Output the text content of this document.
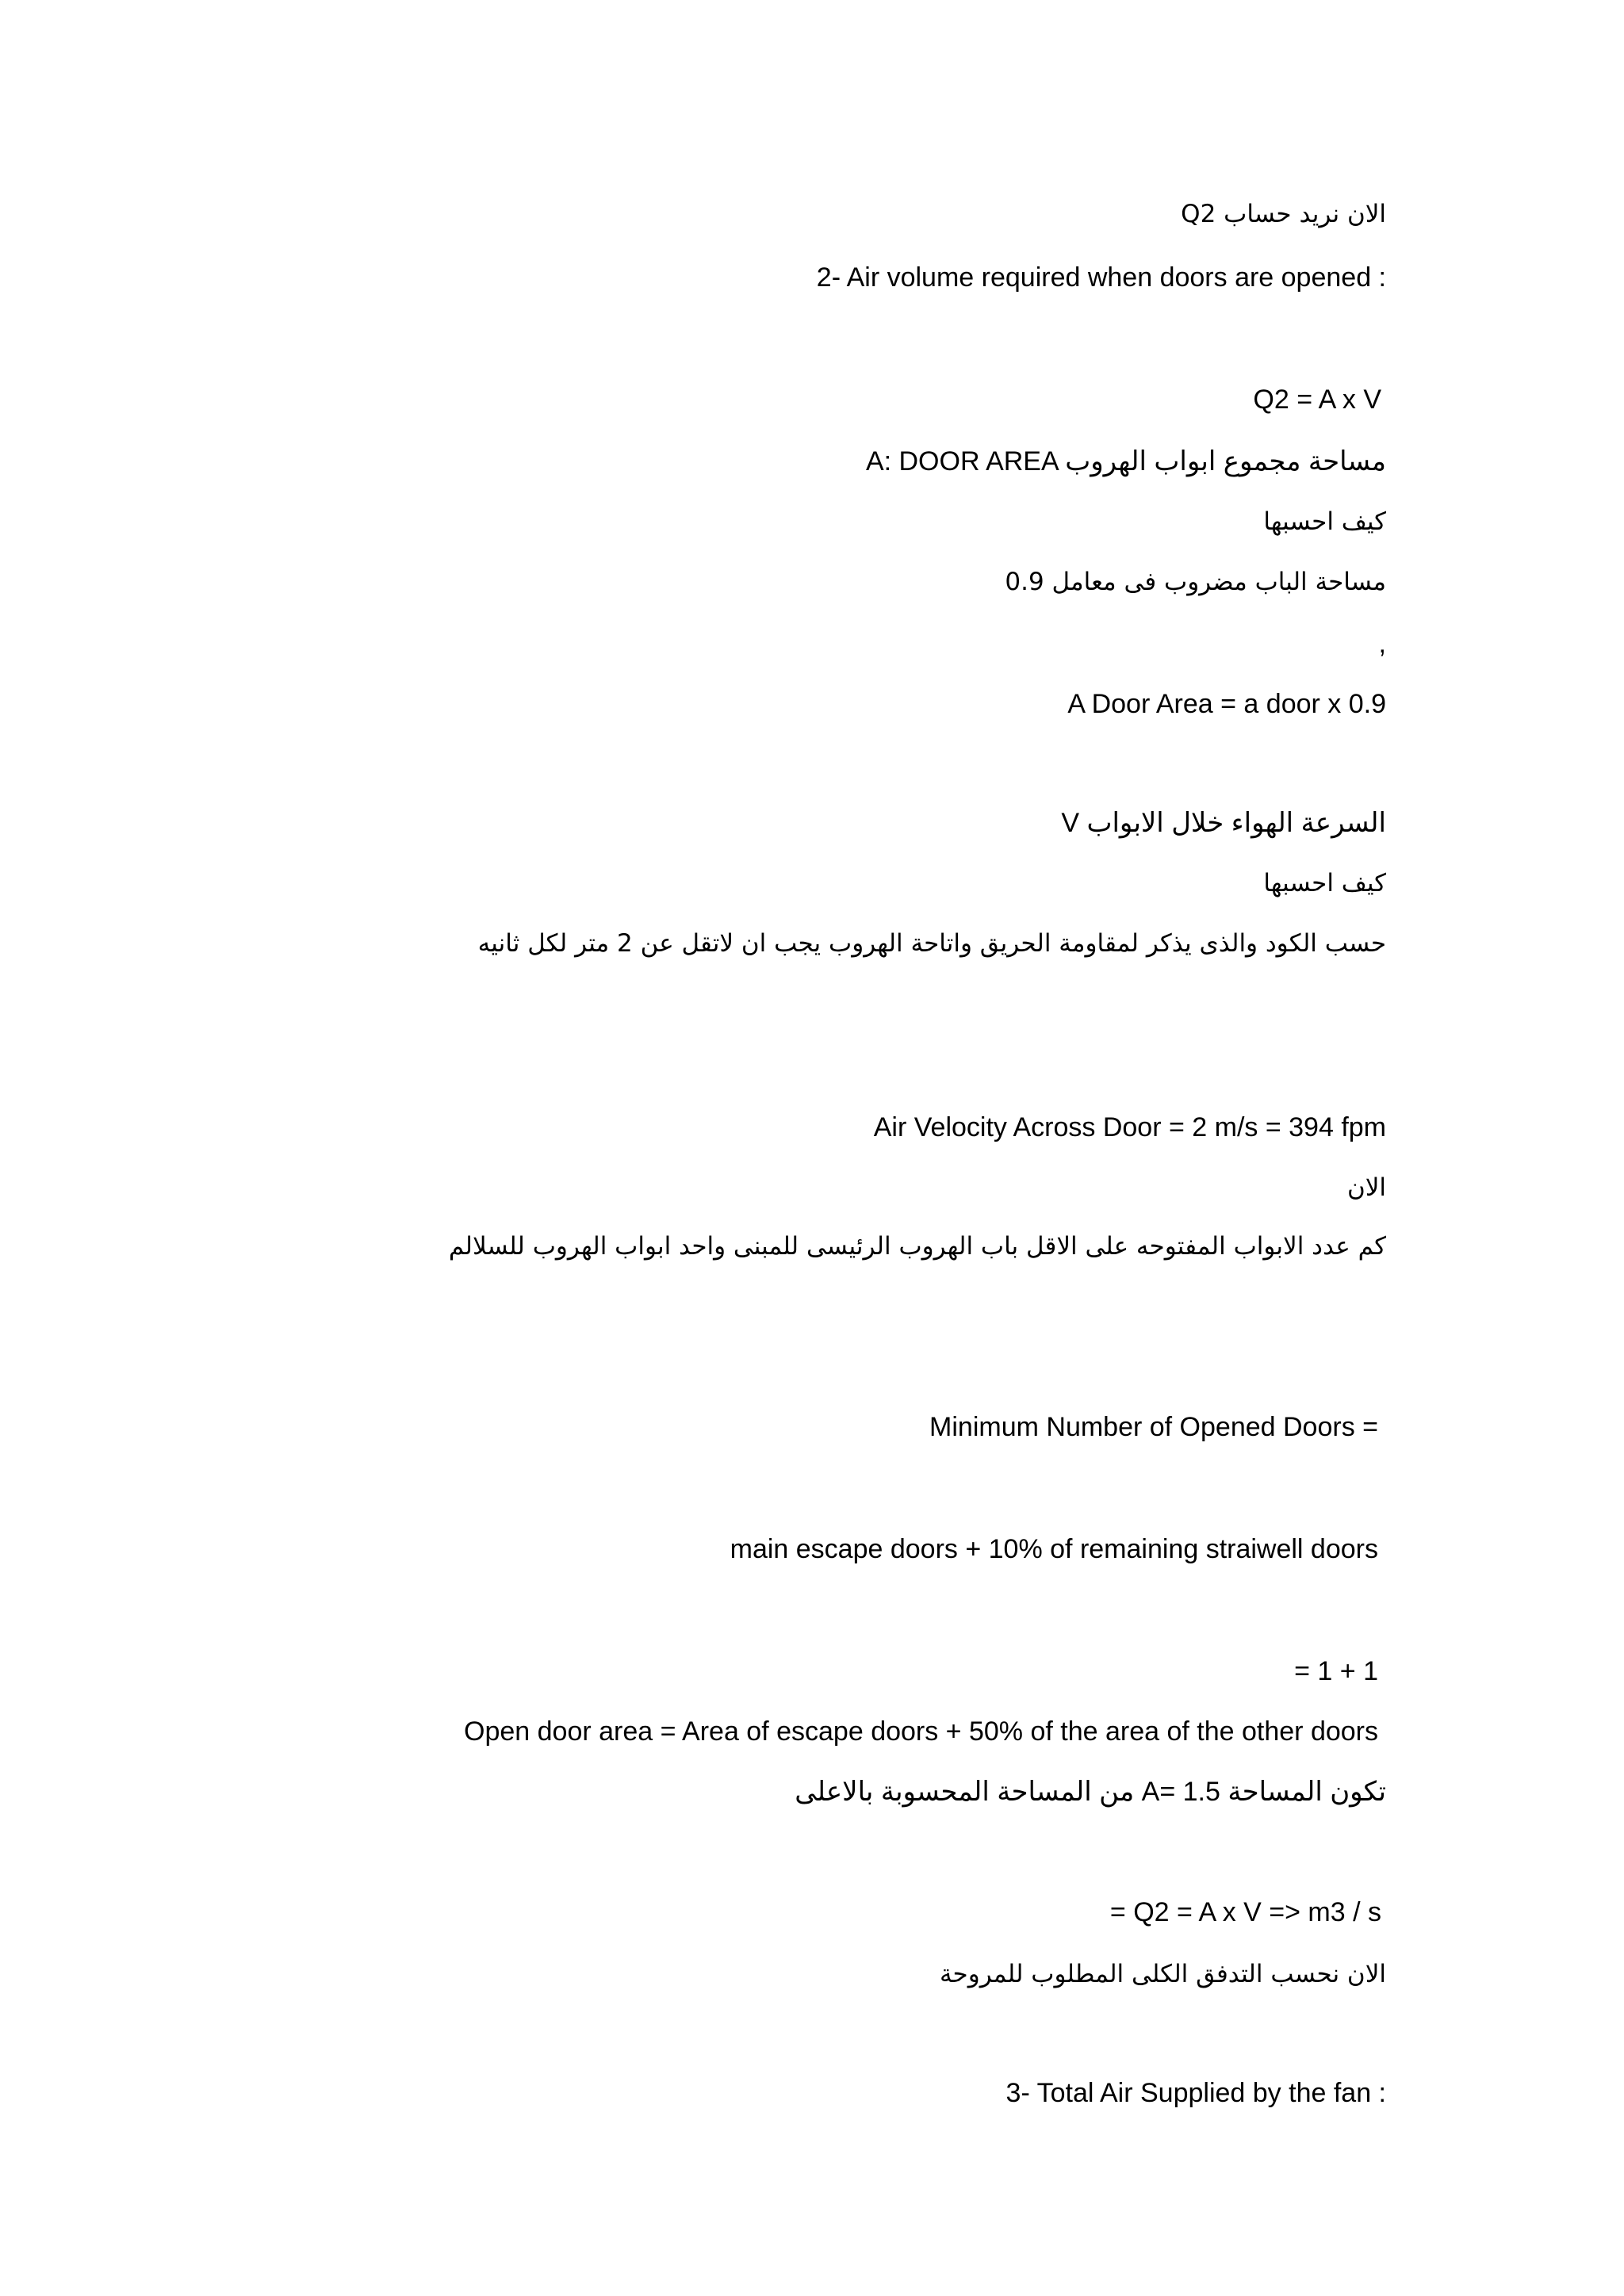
الان نريد حساب Q2
2- Air volume required when doors are opened :
Q2 = A x V
A: DOOR AREA مساحة مجموع ابواب الهروب
كيف احسبها
مساحة الباب مضروب فى معامل 0.9
,
A Door Area = a door x 0.9
V السرعة الهواء خلال الابواب
كيف احسبها
حسب الكود والذى يذكر لمقاومة الحريق واتاحة الهروب يجب ان لاتقل عن 2 متر لكل ثانيه
Air Velocity Across Door = 2 m/s = 394 fpm
الان
كم عدد الابواب المفتوحه على الاقل باب الهروب الرئيسى للمبنى واحد ابواب الهروب للسلالم
Minimum Number of Opened Doors =
main escape doors + 10% of remaining straiwell doors
= 1 + 1
Open door area = Area of escape doors + 50% of the area of the other doors
تكون المساحة A= 1.5 من المساحة المحسوبة بالاعلى
= Q2 = A x V => m3 / s
الان نحسب التدفق الكلى المطلوب للمروحة
3- Total Air Supplied by the fan :
